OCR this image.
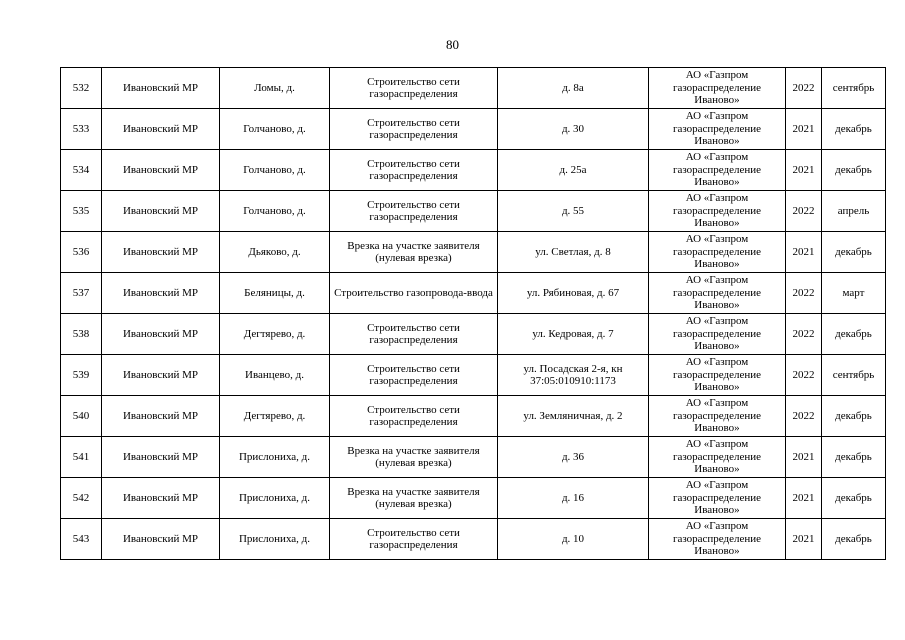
80
532	Ивановский МР	Ломы, д.	Строительство сети газораспределения	д. 8а	АО «Газпром газораспределение Иваново»	2022	сентябрь
533	Ивановский МР	Голчаново, д.	Строительство сети газораспределения	д. 30	АО «Газпром газораспределение Иваново»	2021	декабрь
534	Ивановский МР	Голчаново, д.	Строительство сети газораспределения	д. 25а	АО «Газпром газораспределение Иваново»	2021	декабрь
535	Ивановский МР	Голчаново, д.	Строительство сети газораспределения	д. 55	АО «Газпром газораспределение Иваново»	2022	апрель
536	Ивановский МР	Дьяково, д.	Врезка на участке заявителя (нулевая врезка)	ул. Светлая, д. 8	АО «Газпром газораспределение Иваново»	2021	декабрь
537	Ивановский МР	Беляницы, д.	Строительство газопровода-ввода	ул. Рябиновая, д. 67	АО «Газпром газораспределение Иваново»	2022	март
538	Ивановский МР	Дегтярево, д.	Строительство сети газораспределения	ул. Кедровая, д. 7	АО «Газпром газораспределение Иваново»	2022	декабрь
539	Ивановский МР	Иванцево, д.	Строительство сети газораспределения	ул. Посадская 2-я, кн 37:05:010910:1173	АО «Газпром газораспределение Иваново»	2022	сентябрь
540	Ивановский МР	Дегтярево, д.	Строительство сети газораспределения	ул. Земляничная, д. 2	АО «Газпром газораспределение Иваново»	2022	декабрь
541	Ивановский МР	Прислониха, д.	Врезка на участке заявителя (нулевая врезка)	д. 36	АО «Газпром газораспределение Иваново»	2021	декабрь
542	Ивановский МР	Прислониха, д.	Врезка на участке заявителя (нулевая врезка)	д. 16	АО «Газпром газораспределение Иваново»	2021	декабрь
543	Ивановский МР	Прислониха, д.	Строительство сети газораспределения	д. 10	АО «Газпром газораспределение Иваново»	2021	декабрь
